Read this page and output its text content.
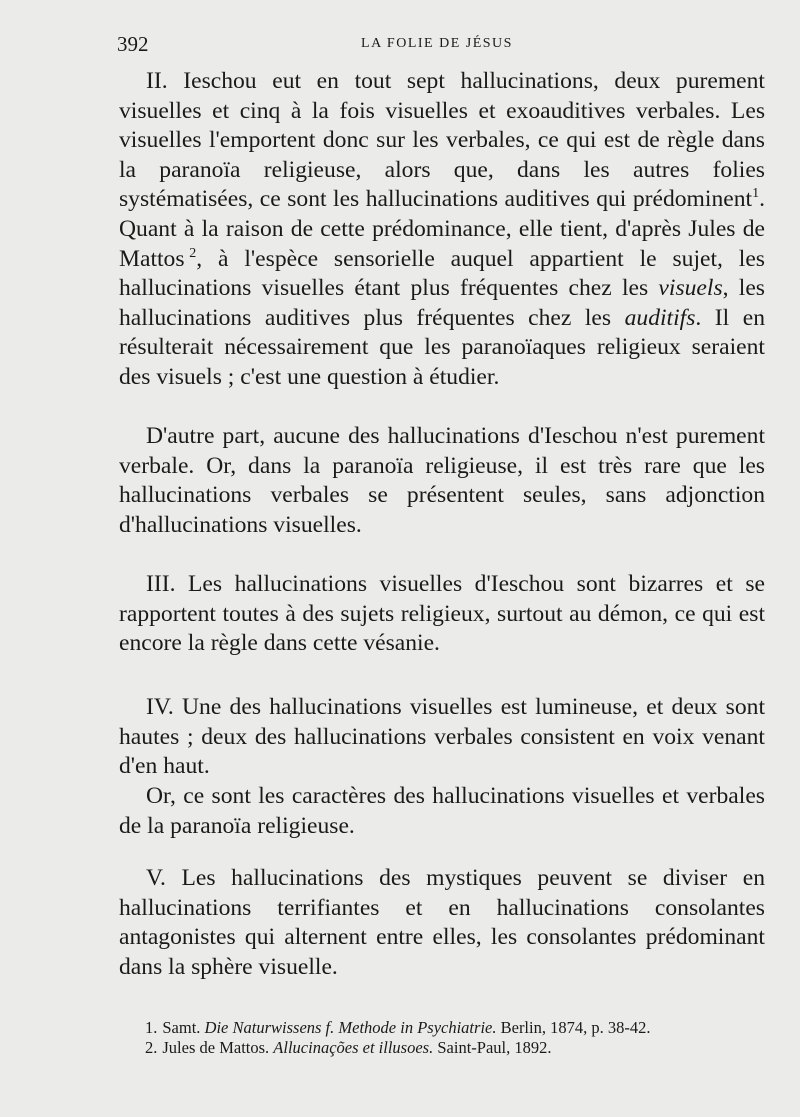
392	LA FOLIE DE JÉSUS

II. Ieschou eut en tout sept hallucinations, deux purement visuelles et cinq à la fois visuelles et exoauditives verbales. Les visuelles l'emportent donc sur les verbales, ce qui est de règle dans la paranoïa religieuse, alors que, dans les autres folies systématisées, ce sont les hallucinations auditives qui prédominent$^1$. Quant à la raison de cette prédominance, elle tient, d'après Jules de Mattos  $^2$, à l'espèce sensorielle auquel appartient le sujet, les hallucinations visuelles étant plus fréquentes chez les visuels, les hallucinations auditives plus fréquentes chez les auditifs. Il en résulterait nécessairement que les paranoïaques religieux seraient des visuels ; c'est une question à étudier.

D'autre part, aucune des hallucinations d'Ieschou n'est purement verbale. Or, dans la paranoïa religieuse, il est très rare que les hallucinations verbales se présentent seules, sans adjonction d'hallucinations visuelles.

III. Les hallucinations visuelles d'Ieschou sont bizarres et se rapportent toutes à des sujets religieux, surtout au démon, ce qui est encore la règle dans cette vésanie.

IV. Une des hallucinations visuelles est lumineuse, et deux sont hautes ; deux des hallucinations verbales consistent en voix venant d'en haut.

Or, ce sont les caractères des hallucinations visuelles et verbales de la paranoïa religieuse.

V. Les hallucinations des mystiques peuvent se diviser en hallucinations terrifiantes et en hallucinations consolantes antagonistes qui alternent entre elles, les consolantes prédominant dans la sphère visuelle.

1. Samt. Die Naturwissens f. Methode in Psychiatrie. Berlin, 1874, p. 38-42.
2. Jules de Mattos. Allucinações et illusoes. Saint-Paul, 1892.
